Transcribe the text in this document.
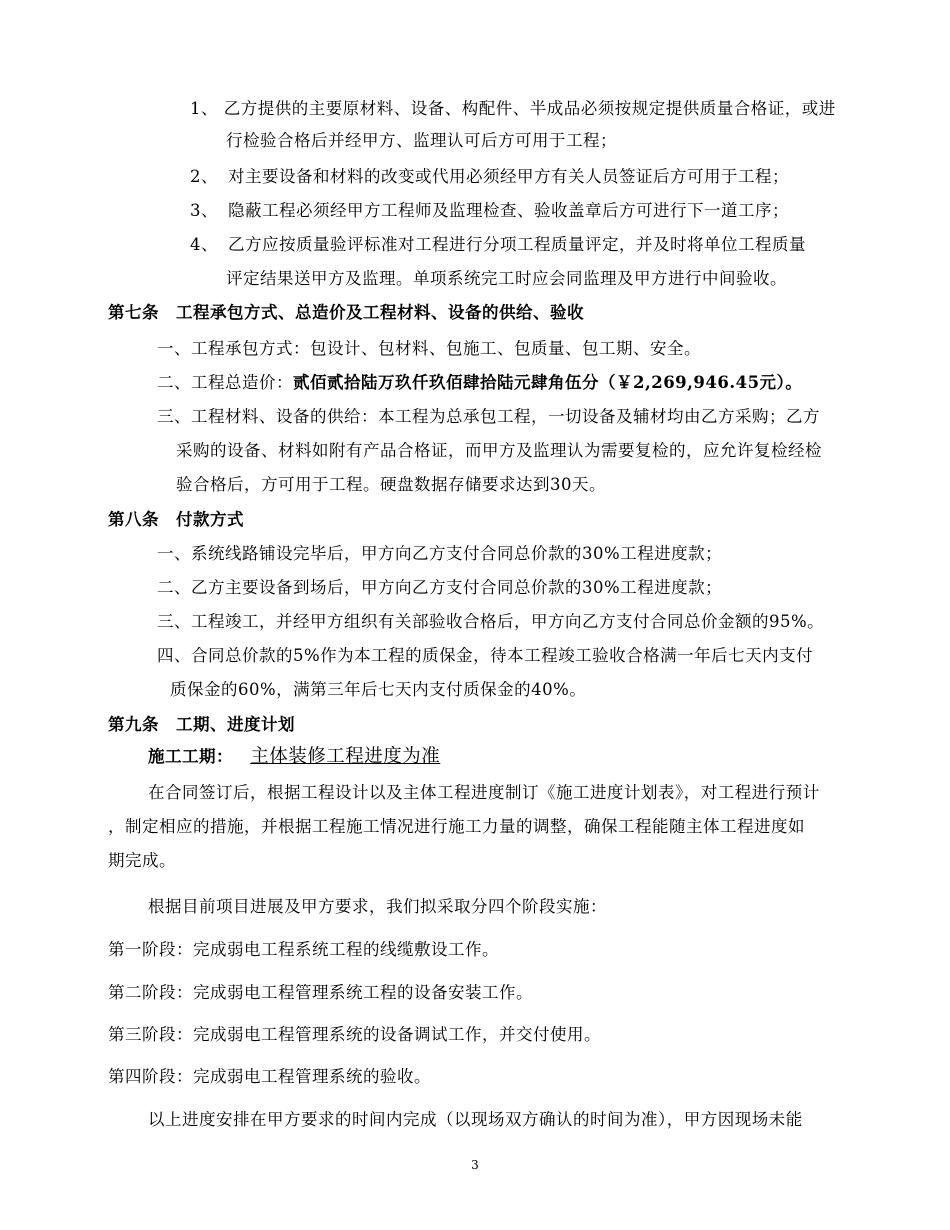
1、 乙方提供的主要原材料、设备、构配件、半成品必须按规定提供质量合格证，或进
行检验合格后并经甲方、监理认可后方可用于工程；
2、 对主要设备和材料的改变或代用必须经甲方有关人员签证后方可用于工程；
3、 隐蔽工程必须经甲方工程师及监理检查、验收盖章后方可进行下一道工序；
4、 乙方应按质量验评标准对工程进行分项工程质量评定，并及时将单位工程质量
评定结果送甲方及监理。单项系统完工时应会同监理及甲方进行中间验收。
第七条　工程承包方式、总造价及工程材料、设备的供给、验收
一、工程承包方式：包设计、包材料、包施工、包质量、包工期、安全。
二、工程总造价：贰佰贰拾陆万玖仟玖佰肆拾陆元肆角伍分（￥2,269,946.45元）。
三、工程材料、设备的供给：本工程为总承包工程，一切设备及辅材均由乙方采购；乙方
采购的设备、材料如附有产品合格证，而甲方及监理认为需要复检的，应允许复检经检
验合格后，方可用于工程。硬盘数据存储要求达到30天。
第八条　付款方式
一、系统线路铺设完毕后，甲方向乙方支付合同总价款的30%工程进度款；
二、乙方主要设备到场后，甲方向乙方支付合同总价款的30%工程进度款；
三、工程竣工，并经甲方组织有关部验收合格后，甲方向乙方支付合同总价金额的95%。
四、合同总价款的5%作为本工程的质保金，待本工程竣工验收合格满一年后七天内支付
质保金的60%，满第三年后七天内支付质保金的40%。
第九条　工期、进度计划
施工工期： 主体装修工程进度为准
在合同签订后，根据工程设计以及主体工程进度制订《施工进度计划表》，对工程进行预计
，制定相应的措施，并根据工程施工情况进行施工力量的调整，确保工程能随主体工程进度如
期完成。
根据目前项目进展及甲方要求，我们拟采取分四个阶段实施：
第一阶段：完成弱电工程系统工程的线缆敷设工作。
第二阶段：完成弱电工程管理系统工程的设备安装工作。
第三阶段：完成弱电工程管理系统的设备调试工作，并交付使用。
第四阶段：完成弱电工程管理系统的验收。
以上进度安排在甲方要求的时间内完成（以现场双方确认的时间为准），甲方因现场未能
3
